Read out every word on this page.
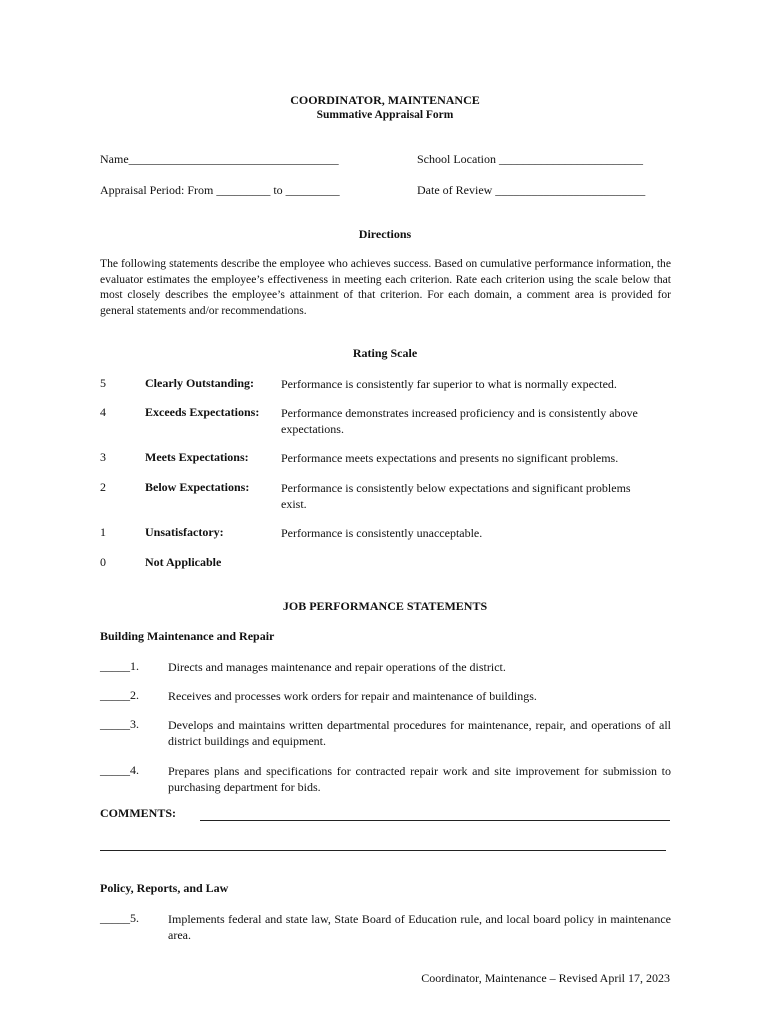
COORDINATOR, MAINTENANCE
Summative Appraisal Form
Name___________________________________	School Location ________________________
Appraisal Period: From _________ to _________	Date of Review _________________________
Directions
The following statements describe the employee who achieves success. Based on cumulative performance information, the evaluator estimates the employee’s effectiveness in meeting each criterion. Rate each criterion using the scale below that most closely describes the employee’s attainment of that criterion. For each domain, a comment area is provided for general statements and/or recommendations.
Rating Scale
5	Clearly Outstanding: Performance is consistently far superior to what is normally expected.
4	Exceeds Expectations: Performance demonstrates increased proficiency and is consistently above expectations.
3	Meets Expectations:	Performance meets expectations and presents no significant problems.
2	Below Expectations:	Performance is consistently below expectations and significant problems exist.
1	Unsatisfactory:	Performance is consistently unacceptable.
0	Not Applicable
JOB PERFORMANCE STATEMENTS
Building Maintenance and Repair
_____1. Directs and manages maintenance and repair operations of the district.
_____2. Receives and processes work orders for repair and maintenance of buildings.
_____3. Develops and maintains written departmental procedures for maintenance, repair, and operations of all district buildings and equipment.
_____4. Prepares plans and specifications for contracted repair work and site improvement for submission to purchasing department for bids.
COMMENTS:
Policy, Reports, and Law
_____5. Implements federal and state law, State Board of Education rule, and local board policy in maintenance area.
Coordinator, Maintenance – Revised April 17, 2023
